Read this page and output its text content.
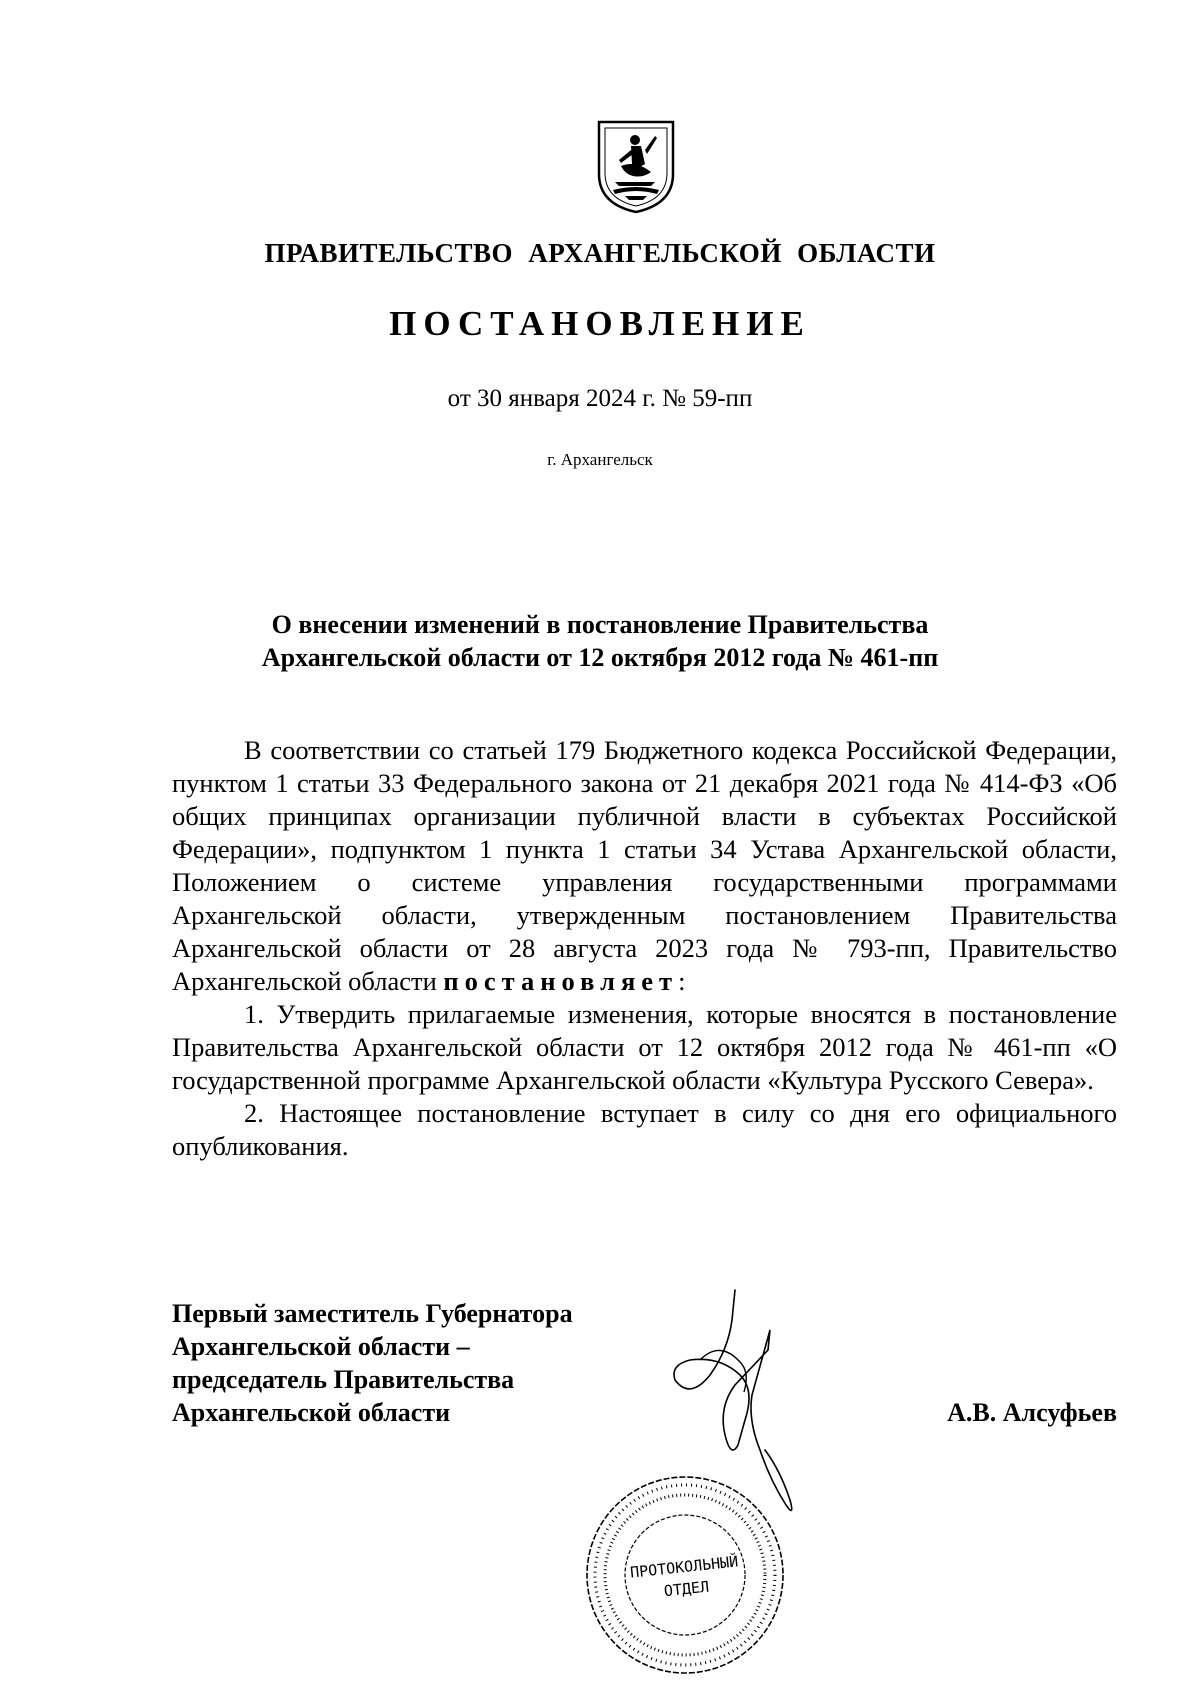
ПРАВИТЕЛЬСТВО АРХАНГЕЛЬСКОЙ ОБЛАСТИ
ПОСТАНОВЛЕНИЕ
от 30 января 2024 г. № 59-пп
г. Архангельск
О внесении изменений в постановление Правительства
Архангельской области от 12 октября 2012 года № 461-пп

В соответствии со статьей 179 Бюджетного кодекса Российской Федерации, пунктом 1 статьи 33 Федерального закона от 21 декабря 2021 года № 414-ФЗ «Об общих принципах организации публичной власти в субъектах Российской Федерации», подпунктом 1 пункта 1 статьи 34 Устава Архангельской области, Положением о системе управления государственными программами Архангельской области, утвержденным постановлением Правительства Архангельской области от 28 августа 2023 года № 793-пп, Правительство Архангельской области постановляет:

1. Утвердить прилагаемые изменения, которые вносятся в постановление Правительства Архангельской области от 12 октября 2012 года № 461-пп «О государственной программе Архангельской области «Культура Русского Севера».

2. Настоящее постановление вступает в силу со дня его официального опубликования.

Первый заместитель Губернатора
Архангельской области –
председатель Правительства
Архангельской области	А.В. Алсуфьев
ПРОТОКОЛЬНЫЙ
ОТДЕЛ
